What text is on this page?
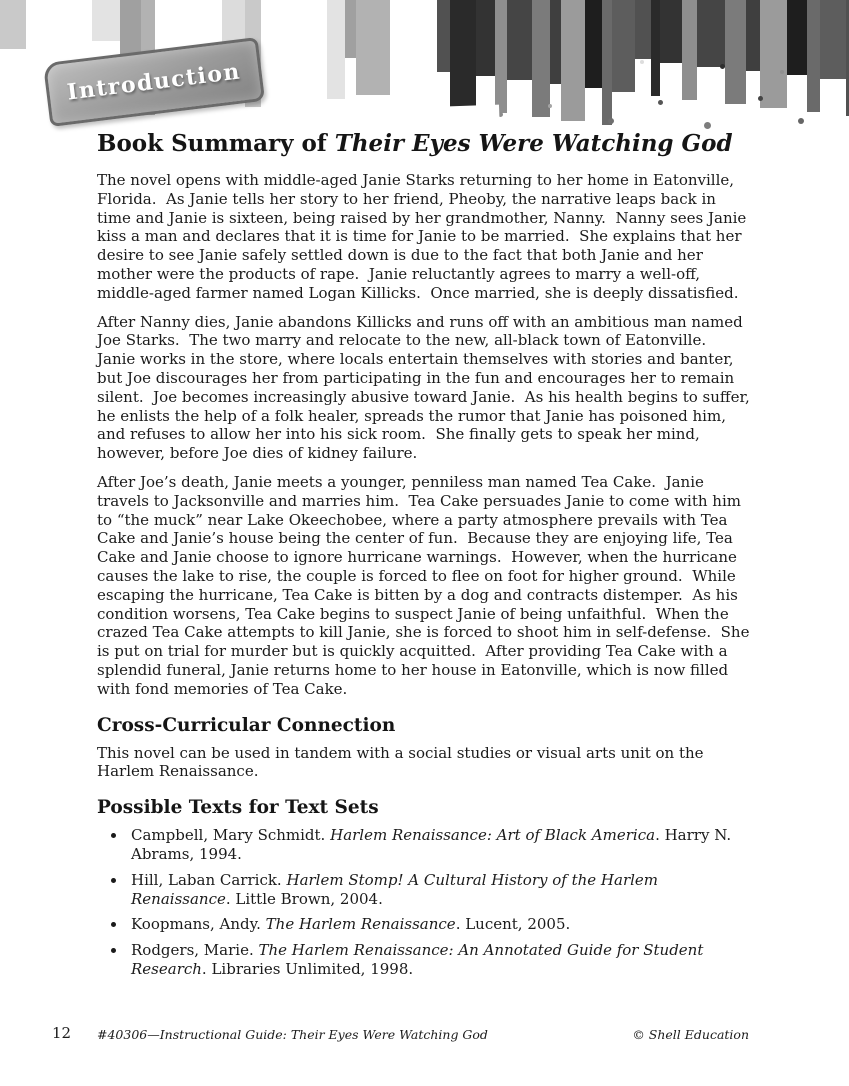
Introduction
Book Summary of Their Eyes Were Watching God

The novel opens with middle-aged Janie Starks returning to her home in Eatonville, Florida.  As Janie tells her story to her friend, Pheoby, the narrative leaps back in time and Janie is sixteen, being raised by her grandmother, Nanny.  Nanny sees Janie kiss a man and declares that it is time for Janie to be married.  She explains that her desire to see Janie safely settled down is due to the fact that both Janie and her mother were the products of rape.  Janie reluctantly agrees to marry a well-off, middle-aged farmer named Logan Killicks.  Once married, she is deeply dissatisfied.

After Nanny dies, Janie abandons Killicks and runs off with an ambitious man named Joe Starks.  The two marry and relocate to the new, all-black town of Eatonville.  Janie works in the store, where locals entertain themselves with stories and banter, but Joe discourages her from participating in the fun and encourages her to remain silent.  Joe becomes increasingly abusive toward Janie.  As his health begins to suffer, he enlists the help of a folk healer, spreads the rumor that Janie has poisoned him, and refuses to allow her into his sick room.  She finally gets to speak her mind, however, before Joe dies of kidney failure.

After Joe’s death, Janie meets a younger, penniless man named Tea Cake.  Janie travels to Jacksonville and marries him.  Tea Cake persuades Janie to come with him to “the muck” near Lake Okeechobee, where a party atmosphere prevails with Tea Cake and Janie’s house being the center of fun.  Because they are enjoying life, Tea Cake and Janie choose to ignore hurricane warnings.  However, when the hurricane causes the lake to rise, the couple is forced to flee on foot for higher ground.  While escaping the hurricane, Tea Cake is bitten by a dog and contracts distemper.  As his condition worsens, Tea Cake begins to suspect Janie of being unfaithful.  When the crazed Tea Cake attempts to kill Janie, she is forced to shoot him in self-defense.  She is put on trial for murder but is quickly acquitted.  After providing Tea Cake with a splendid funeral, Janie returns home to her house in Eatonville, which is now filled with fond memories of Tea Cake.

Cross-Curricular Connection

This novel can be used in tandem with a social studies or visual arts unit on the Harlem Renaissance.

Possible Texts for Text Sets
• Campbell, Mary Schmidt. Harlem Renaissance: Art of Black America. Harry N. Abrams, 1994.
• Hill, Laban Carrick. Harlem Stomp! A Cultural History of the Harlem Renaissance. Little Brown, 2004.
• Koopmans, Andy. The Harlem Renaissance. Lucent, 2005.
• Rodgers, Marie. The Harlem Renaissance: An Annotated Guide for Student Research. Libraries Unlimited, 1998.
12 #40306—Instructional Guide: Their Eyes Were Watching God	© Shell Education
